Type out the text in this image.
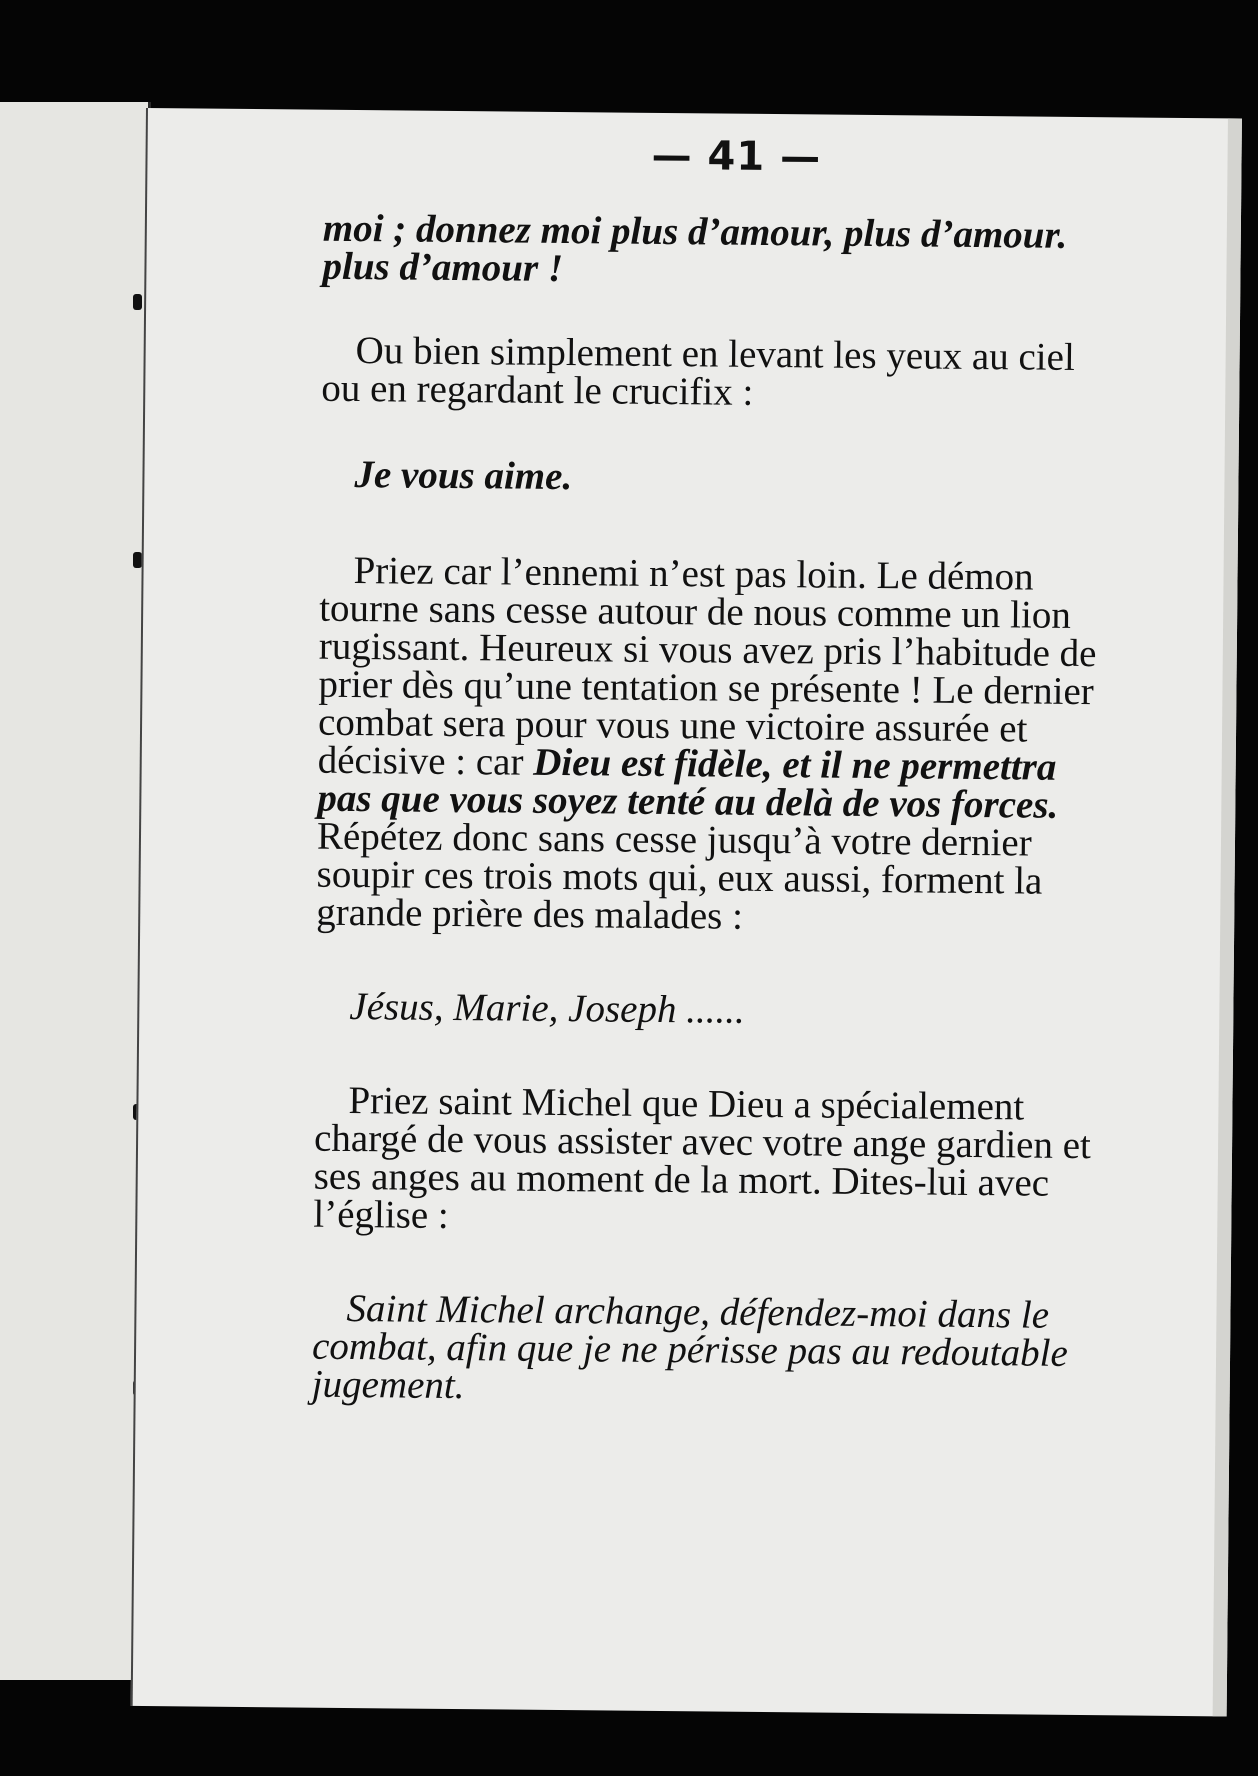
— 41 —

moi ; donnez moi plus d’amour, plus d’amour. plus d’amour !

Ou bien simplement en levant les yeux au ciel ou en regardant le crucifix :

Je vous aime.

Priez car l’ennemi n’est pas loin. Le démon tourne sans cesse autour de nous comme un lion rugissant. Heureux si vous avez pris l’habitude de prier dès qu’une tentation se présente ! Le dernier combat sera pour vous une victoire assurée et décisive : car Dieu est fidèle, et il ne permettra pas que vous soyez tenté au delà de vos forces. Répétez donc sans cesse jusqu’à votre dernier soupir ces trois mots qui, eux aussi, forment la grande prière des malades :

Jésus, Marie, Joseph ......

Priez saint Michel que Dieu a spécialement chargé de vous assister avec votre ange gardien et ses anges au moment de la mort. Dites-lui avec l’église :

Saint Michel archange, défendez-moi dans le combat, afin que je ne périsse pas au redoutable jugement.
